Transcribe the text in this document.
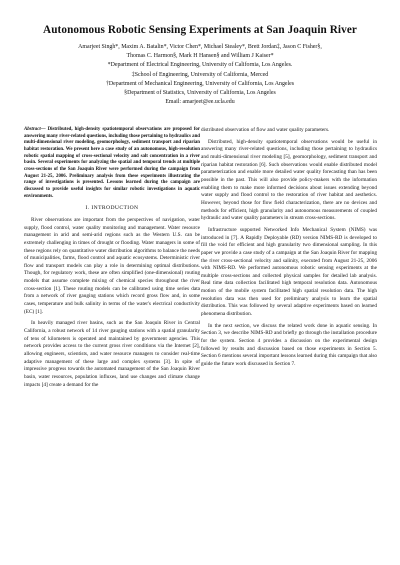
Autonomous Robotic Sensing Experiments at San Joaquin River
Amarjeet Singh*, Maxim A. Batalin*, Victor Chen*, Michael Stealey*, Brett Jordan‡, Jason C Fisher§,
Thomas C. Harmon§, Mark H Hansen§ and William J Kaiser*
*Department of Electrical Engineering, University of California, Los Angeles.
‡School of Engineering, University of California, Merced
†Department of Mechanical Engineering, University of California, Los Angeles
§Department of Statistics, University of California, Los Angeles
Email: amarjeet@ee.ucla.edu

Abstract— Distributed, high-density spatiotemporal observations are proposed for answering many river-related questions, including those pertaining to hydraulics and multi-dimensional river modeling, geomorphology, sediment transport and riparian habitat restoration. We present here a case study of an autonomous, high-resolution robotic spatial mapping of cross-sectional velocity and salt concentration in a river basin. Several experiments for analyzing the spatial and temporal trends at multiple cross-sections of the San Joaquin River were performed during the campaign from August 21-25, 2006. Preliminary analysis from these experiments illustrating the range of investigations is presented. Lessons learned during the campaign are discussed to provide useful insights for similar robotic investigations in aquatic environments.

I. INTRODUCTION

River observations are important from the perspectives of navigation, water supply, flood control, water quality monitoring and management. Water resource management in arid and semi-arid regions such as the Western U.S. can be extremely challenging in times of drought or flooding. Water managers in some of these regions rely on quantitative water distribution algorithms to balance the needs of municipalities, farms, flood control and aquatic ecosystems. Deterministic river flow and transport models can play a role in determining optimal distributions. Though, for regulatory work, these are often simplified (one-dimensional) routing models that assume complete mixing of chemical species throughout the river cross-section [1]. These routing models can be calibrated using time series data from a network of river gauging stations which record gross flow and, in some cases, temperature and bulk salinity in terms of the water's electrical conductivity (EC) [1].

In heavily managed river basins, such as the San Joaquin River in Central California, a robust network of 14 river gauging stations with a spatial granularity of tens of kilometers is operated and maintained by government agencies. This network provides access to the current gross river conditions via the Internet [2], allowing engineers, scientists, and water resource managers to consider real-time adaptive management of these large and complex systems [3]. In spite of impressive progress towards the automated management of the San Joaquin River basin, water resources, population influxes, land use changes and climate change impacts [4] create a demand for the

distributed observation of flow and water quality parameters.

Distributed, high-density spatiotemporal observations would be useful in answering many river-related questions, including those pertaining to hydraulics and multi-dimensional river modeling [5], geomorphology, sediment transport and riparian habitat restoration [6]. Such observations would enable distributed model parameterization and enable more detailed water quality forecasting than has been possible in the past. This will also provide policy-makers with the information enabling them to make more informed decisions about issues extending beyond water supply and flood control to the restoration of river habitat and aesthetics. However, beyond those for flow field characterization, there are no devices and methods for efficient, high granularity and autonomous measurements of coupled hydraulic and water quality parameters in stream cross-sections.

Infrastructure supported Networked Info Mechanical System (NIMS) was introduced in [7]. A Rapidly Deployable (RD) version NIMS-RD is developed to fill the void for efficient and high granularity two dimensional sampling. In this paper we provide a case study of a campaign at the San Joaquin River for mapping the river cross-sectional velocity and salinity, executed from August 21-25, 2006 with NIMS-RD. We performed autonomous robotic sensing experiments at the multiple cross-sections and collected physical samples for detailed lab analysis. Real time data collection facilitated high temporal resolution data. Autonomous motion of the mobile system facilitated high spatial resolution data. The high resolution data was then used for preliminary analysis to learn the spatial distribution. This was followed by several adaptive experiments based on learned phenomena distribution.

In the next section, we discuss the related work done in aquatic sensing. In Section 3, we describe NIMS-RD and briefly go through the installation procedure for the system. Section 4 provides a discussion on the experimental design followed by results and discussion based on those experiments in Section 5. Section 6 mentions several important lessons learned during this campaign that also guide the future work discussed in Section 7.
